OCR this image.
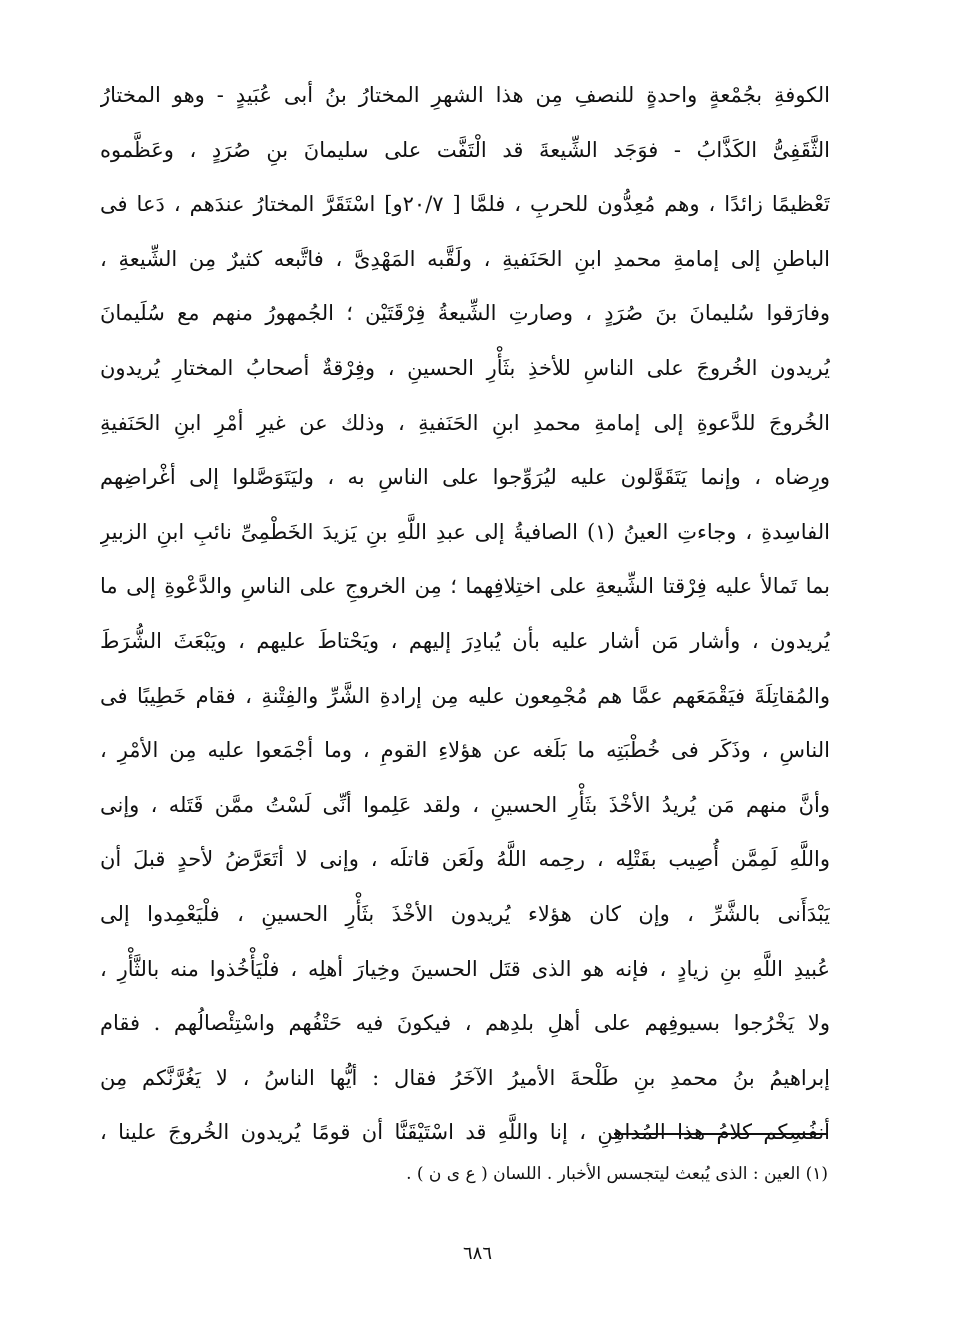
الكوفةِ بجُمْعةٍ واحدةٍ للنصفِ مِن هذا الشهرِ المختارُ بنُ أبى عُبَيدٍ - وهو المختارُ
الثَّقَفِىُّ الكَذَّابُ - فوَجَد الشِّيعةَ قد الْتَفَّت على سليمانَ بنِ صُرَدٍ ، وعَظَّموه
تَعْظيمًا زائدًا ، وهم مُعِدُّون للحربِ ، فلمَّا [ ٢٠/٧و] اسْتَقَرَّ المختارُ عندَهم ، دَعا فى
الباطنِ إلى إمامةِ محمدِ ابنِ الحَنَفيةِ ، ولَقَّبه المَهْدِىَّ ، فاتَّبعه كثيرٌ مِن الشِّيعةِ ،
وفارَقوا سُليمانَ بنَ صُرَدٍ ، وصارتِ الشِّيعةُ فِرْقَتَيْن ؛ الجُمهورُ منهم مع سُلَيمانَ
يُريدون الخُروجَ على الناسِ للأخذِ بثَأْرِ الحسينِ ، وفِرْقةٌ أصحابُ المختارِ يُريدون
الخُروجَ للدَّعوةِ إلى إمامةِ محمدِ ابنِ الحَنَفيةِ ، وذلك عن غيرِ أمْرِ ابنِ الحَنَفيةِ
ورِضاه ، وإنما يَتَقَوَّلون عليه ليُرَوِّجوا على الناسِ به ، وليَتَوَصَّلوا إلى أغْراضِهم
الفاسِدةِ ، وجاءتِ العينُ (١) الصافيةُ إلى عبدِ اللَّهِ بنِ يَزيدَ الخَطْمِىِّ نائبِ ابنِ الزبيرِ
بما تَمالأ عليه فِرْقتا الشِّيعةِ على اختِلافِهما ؛ مِن الخروجِ على الناسِ والدَّعْوةِ إلى ما
يُريدون ، وأشار مَن أشار عليه بأن يُبادِرَ إليهم ، ويَحْتاطَ عليهم ، ويَبْعَثَ الشُّرَطَ
والمُقاتِلَةَ فيَقْمَعَهم عمَّا هم مُجْمِعون عليه مِن إرادةِ الشَّرِّ والفِتْنةِ ، فقام خَطِيبًا فى
الناسِ ، وذَكَر فى خُطْبَتِه ما بَلَغه عن هؤلاءِ القومِ ، وما أجْمَعوا عليه مِن الأمْرِ ،
وأنَّ منهم مَن يُريدُ الأخْذَ بثَأْرِ الحسينِ ، ولقد عَلِموا أنِّى لَسْتُ ممَّن قَتَله ، وإنى
واللَّهِ لَمِمَّن أُصِيب بقَتْلِه ، رحِمه اللَّهُ ولَعَن قاتلَه ، وإنى لا أتَعَرَّضُ لأحدٍ قبلَ أن
يَبْدَأَنى بالشَّرِّ ، وإن كان هؤلاء يُريدون الأخْذَ بثَأْرِ الحسينِ ، فلْيَعْمِدوا إلى
عُبيدِ اللَّهِ بنِ زيادٍ ، فإنه هو الذى قتَل الحسينَ وخِيارَ أهلِه ، فلْيَأْخُذوا منه بالثَّأْرِ ،
ولا يَخْرُجوا بسيوفِهم على أهلِ بلدِهم ، فيكونَ فيه حَتْفُهم واسْتِئْصالُهم . فقام
إبراهيمُ بنُ محمدِ بنِ طَلْحةَ الأميرُ الآخَرُ فقال : أيُّها الناسُ ، لا يَغُرَّنَّكم مِن
أنفُسِكم كلامُ هذا المُداهِنِ ، إنا واللَّهِ قد اسْتَيْقَنَّا أن قومًا يُريدون الخُروجَ علينا ،
(١) العين : الذى يُبعث ليتجسس الأخبار . اللسان ( ع ى ن ) .
٦٨٦
